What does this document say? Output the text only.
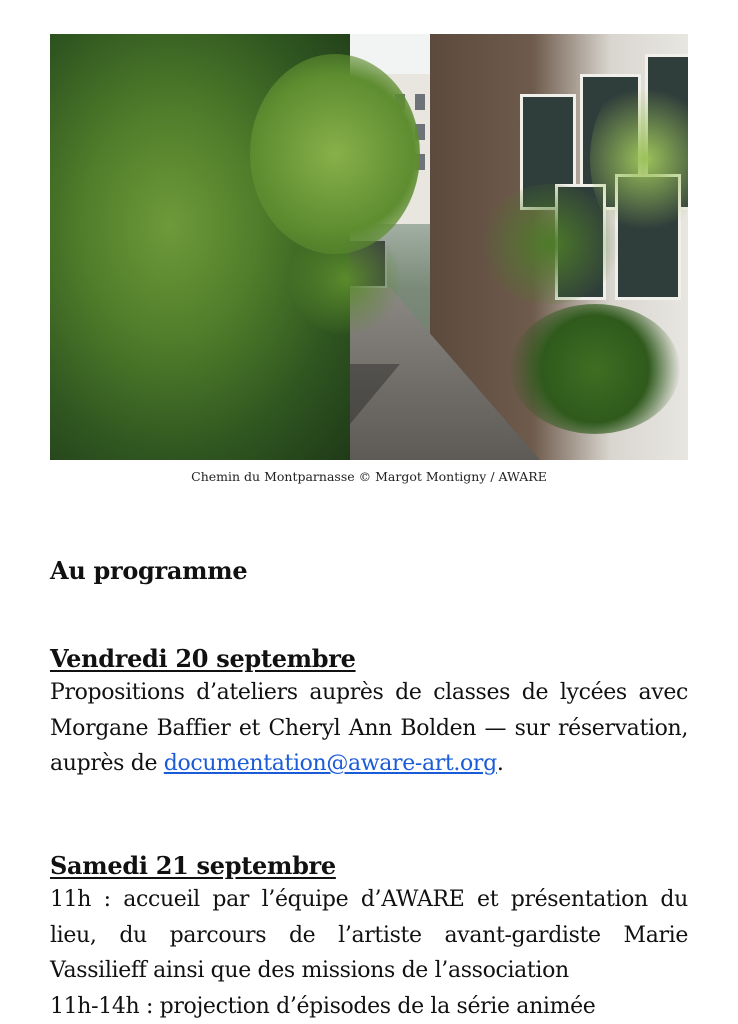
Chemin du Montparnasse © Margot Montigny / AWARE
Au programme
Vendredi 20 septembre
Propositions d’ateliers auprès de classes de lycées avec Morgane Baffier et Cheryl Ann Bolden — sur réservation, auprès de documentation@aware-art.org.
Samedi 21 septembre
11h : accueil par l’équipe d’AWARE et présentation du lieu, du parcours de l’artiste avant-gardiste Marie Vassilieff ainsi que des missions de l’association
11h-14h : projection d’épisodes de la série animée
